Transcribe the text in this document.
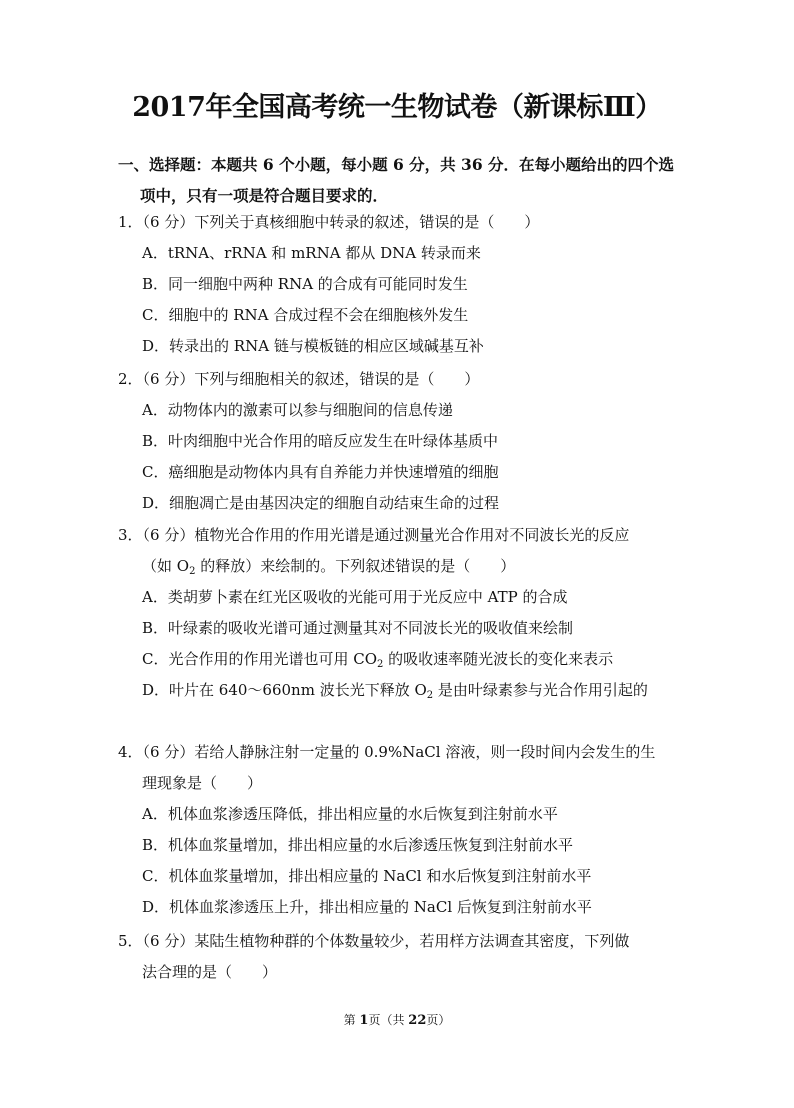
2017年全国高考统一生物试卷（新课标Ⅲ）
一、选择题：本题共 6 个小题，每小题 6 分，共 36 分．在每小题给出的四个选
项中，只有一项是符合题目要求的．
1．（6 分）下列关于真核细胞中转录的叙述，错误的是（　　）
A．tRNA、rRNA 和 mRNA 都从 DNA 转录而来
B．同一细胞中两种 RNA 的合成有可能同时发生
C．细胞中的 RNA 合成过程不会在细胞核外发生
D．转录出的 RNA 链与模板链的相应区域碱基互补
2．（6 分）下列与细胞相关的叙述，错误的是（　　）
A．动物体内的激素可以参与细胞间的信息传递
B．叶肉细胞中光合作用的暗反应发生在叶绿体基质中
C．癌细胞是动物体内具有自养能力并快速增殖的细胞
D．细胞凋亡是由基因决定的细胞自动结束生命的过程
3．（6 分）植物光合作用的作用光谱是通过测量光合作用对不同波长光的反应
（如 $O_2$ 的释放）来绘制的。下列叙述错误的是（　　）
A．类胡萝卜素在红光区吸收的光能可用于光反应中 ATP 的合成
B．叶绿素的吸收光谱可通过测量其对不同波长光的吸收值来绘制
C．光合作用的作用光谱也可用 $CO_2$ 的吸收速率随光波长的变化来表示
D．叶片在 640～660nm 波长光下释放 $O_2$ 是由叶绿素参与光合作用引起的
4．（6 分）若给人静脉注射一定量的 0.9%NaCl 溶液，则一段时间内会发生的生
理现象是（　　）
A．机体血浆渗透压降低，排出相应量的水后恢复到注射前水平
B．机体血浆量增加，排出相应量的水后渗透压恢复到注射前水平
C．机体血浆量增加，排出相应量的 NaCl 和水后恢复到注射前水平
D．机体血浆渗透压上升，排出相应量的 NaCl 后恢复到注射前水平
5．（6 分）某陆生植物种群的个体数量较少，若用样方法调查其密度，下列做
法合理的是（　　）
第 1页（共 22页）
